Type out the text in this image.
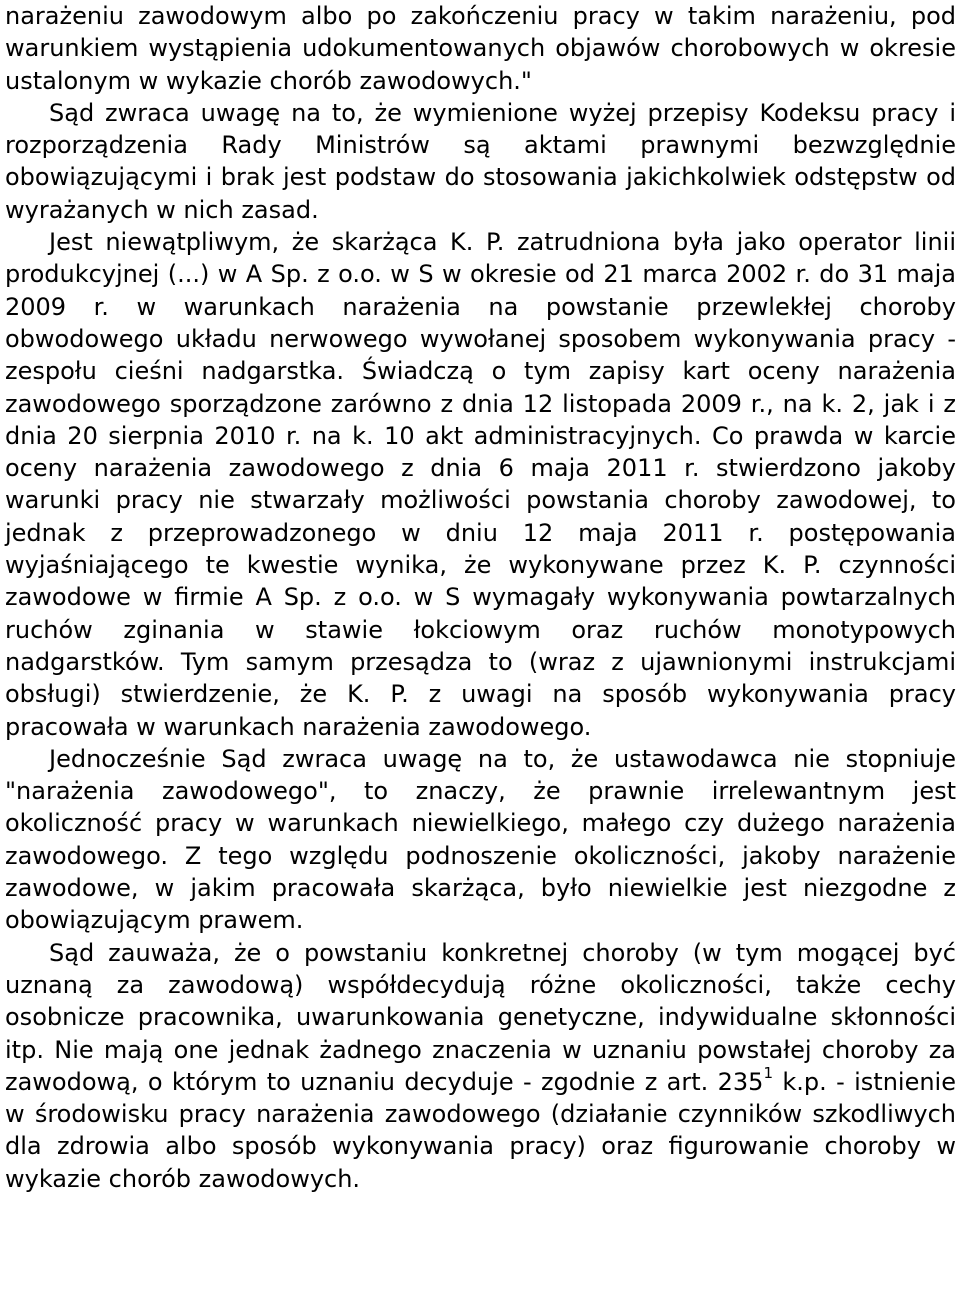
narażeniu zawodowym albo po zakończeniu pracy w takim narażeniu, pod warunkiem wystąpienia udokumentowanych objawów chorobowych w okresie ustalonym w wykazie chorób zawodowych."

Sąd zwraca uwagę na to, że wymienione wyżej przepisy Kodeksu pracy i rozporządzenia Rady Ministrów są aktami prawnymi bezwzględnie obowiązującymi i brak jest podstaw do stosowania jakichkolwiek odstępstw od wyrażanych w nich zasad.

Jest niewątpliwym, że skarżąca K. P. zatrudniona była jako operator linii produkcyjnej (...) w A Sp. z o.o. w S w okresie od 21 marca 2002 r. do 31 maja 2009 r. w warunkach narażenia na powstanie przewlekłej choroby obwodowego układu nerwowego wywołanej sposobem wykonywania pracy - zespołu cieśni nadgarstka. Świadczą o tym zapisy kart oceny narażenia zawodowego sporządzone zarówno z dnia 12 listopada 2009 r., na k. 2, jak i z dnia 20 sierpnia 2010 r. na k. 10 akt administracyjnych. Co prawda w karcie oceny narażenia zawodowego z dnia 6 maja 2011 r. stwierdzono jakoby warunki pracy nie stwarzały możliwości powstania choroby zawodowej, to jednak z przeprowadzonego w dniu 12 maja 2011 r. postępowania wyjaśniającego te kwestie wynika, że wykonywane przez K. P. czynności zawodowe w firmie A Sp. z o.o. w S wymagały wykonywania powtarzalnych ruchów zginania w stawie łokciowym oraz ruchów monotypowych nadgarstków. Tym samym przesądza to (wraz z ujawnionymi instrukcjami obsługi) stwierdzenie, że K. P. z uwagi na sposób wykonywania pracy pracowała w warunkach narażenia zawodowego.

Jednocześnie Sąd zwraca uwagę na to, że ustawodawca nie stopniuje "narażenia zawodowego", to znaczy, że prawnie irrelewantnym jest okoliczność pracy w warunkach niewielkiego, małego czy dużego narażenia zawodowego. Z tego względu podnoszenie okoliczności, jakoby narażenie zawodowe, w jakim pracowała skarżąca, było niewielkie jest niezgodne z obowiązującym prawem.

Sąd zauważa, że o powstaniu konkretnej choroby (w tym mogącej być uznaną za zawodową) współdecydują różne okoliczności, także cechy osobnicze pracownika, uwarunkowania genetyczne, indywidualne skłonności itp. Nie mają one jednak żadnego znaczenia w uznaniu powstałej choroby za zawodową, o którym to uznaniu decyduje - zgodnie z art. $235^1$ k.p. - istnienie w środowisku pracy narażenia zawodowego (działanie czynników szkodliwych dla zdrowia albo sposób wykonywania pracy) oraz figurowanie choroby w wykazie chorób zawodowych.
